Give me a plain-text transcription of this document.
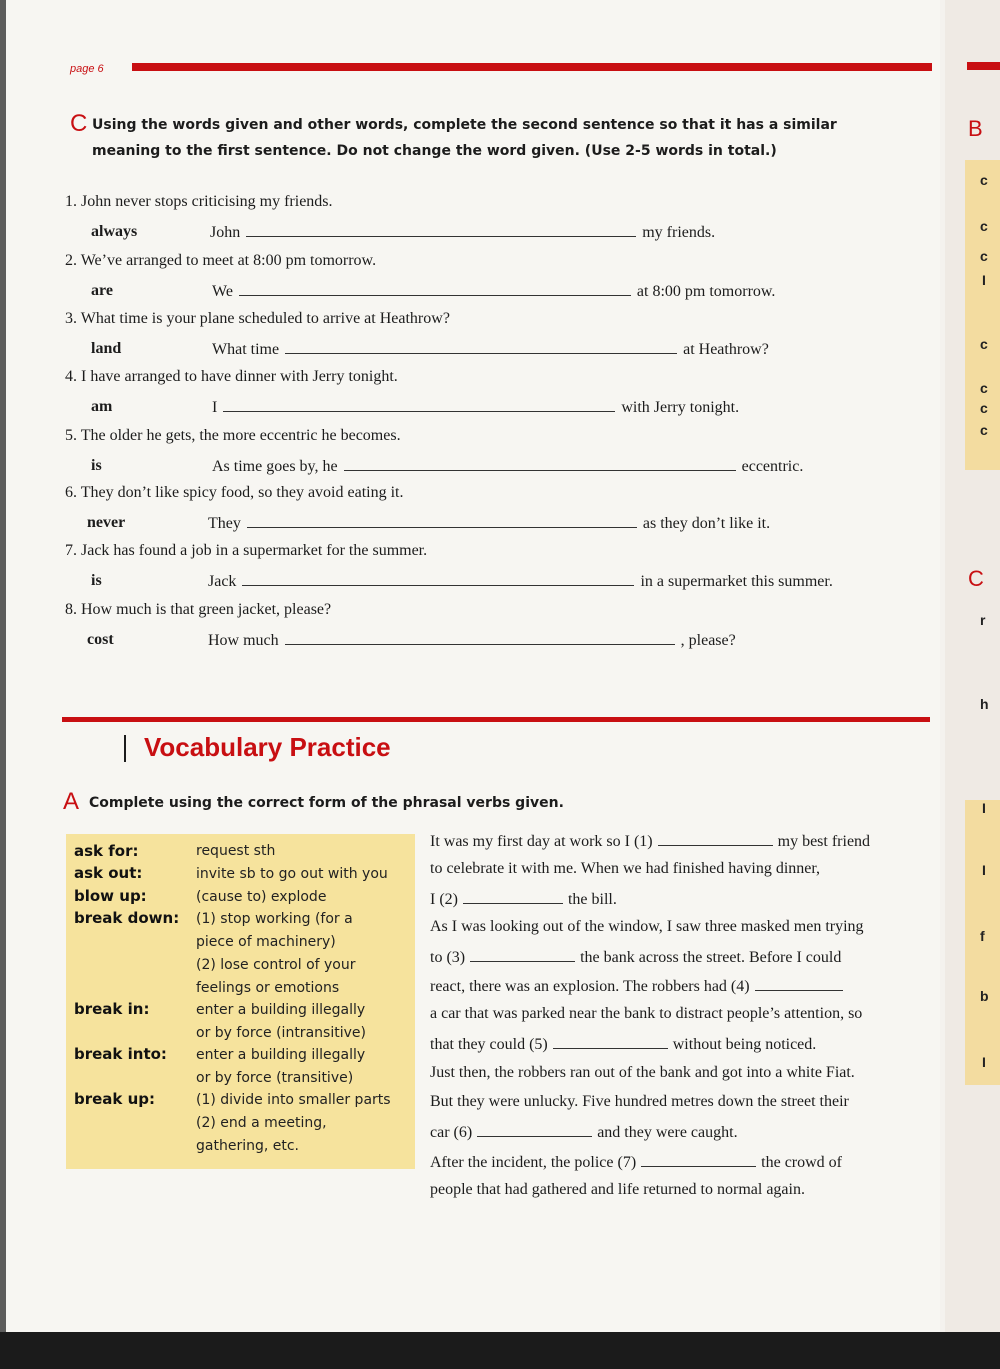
B
C
c
c
c
I
c
c
c
c
r
h
I
I
f
b
I
page 6
C Using the words given and other words, complete the second sentence so that it has a similar
meaning to the first sentence. Do not change the word given. (Use 2-5 words in total.)
1. John never stops criticising my friends.
always	John	my friends.
2. We’ve arranged to meet at 8:00 pm tomorrow.
are	We	at 8:00 pm tomorrow.
3. What time is your plane scheduled to arrive at Heathrow?
land	What time	at Heathrow?
4. I have arranged to have dinner with Jerry tonight.
am	I	with Jerry tonight.
5. The older he gets, the more eccentric he becomes.
is	As time goes by, he	eccentric.
6. They don’t like spicy food, so they avoid eating it.
never	They	as they don’t like it.
7. Jack has found a job in a supermarket for the summer.
is	Jack	in a supermarket this summer.
8. How much is that green jacket, please?
cost	How much	, please?
Vocabulary Practice
A Complete using the correct form of the phrasal verbs given.
ask for:	request sth
ask out:	invite sb to go out with you
blow up:	(cause to) explode
break down: (1) stop working (for a
piece of machinery)
(2) lose control of your
feelings or emotions
break in:	enter a building illegally
or by force (intransitive)
break into: enter a building illegally
or by force (transitive)
break up:	(1) divide into smaller parts
(2) end a meeting,
gathering, etc.
It was my first day at work so I (1)	my best friend
to celebrate it with me. When we had finished having dinner,
I (2)	the bill.
As I was looking out of the window, I saw three masked men trying
to (3)	the bank across the street. Before I could
react, there was an explosion. The robbers had (4)
a car that was parked near the bank to distract people’s attention, so
that they could (5)	without being noticed.
Just then, the robbers ran out of the bank and got into a white Fiat.
But they were unlucky. Five hundred metres down the street their
car (6)	and they were caught.
After the incident, the police (7)	the crowd of
people that had gathered and life returned to normal again.
